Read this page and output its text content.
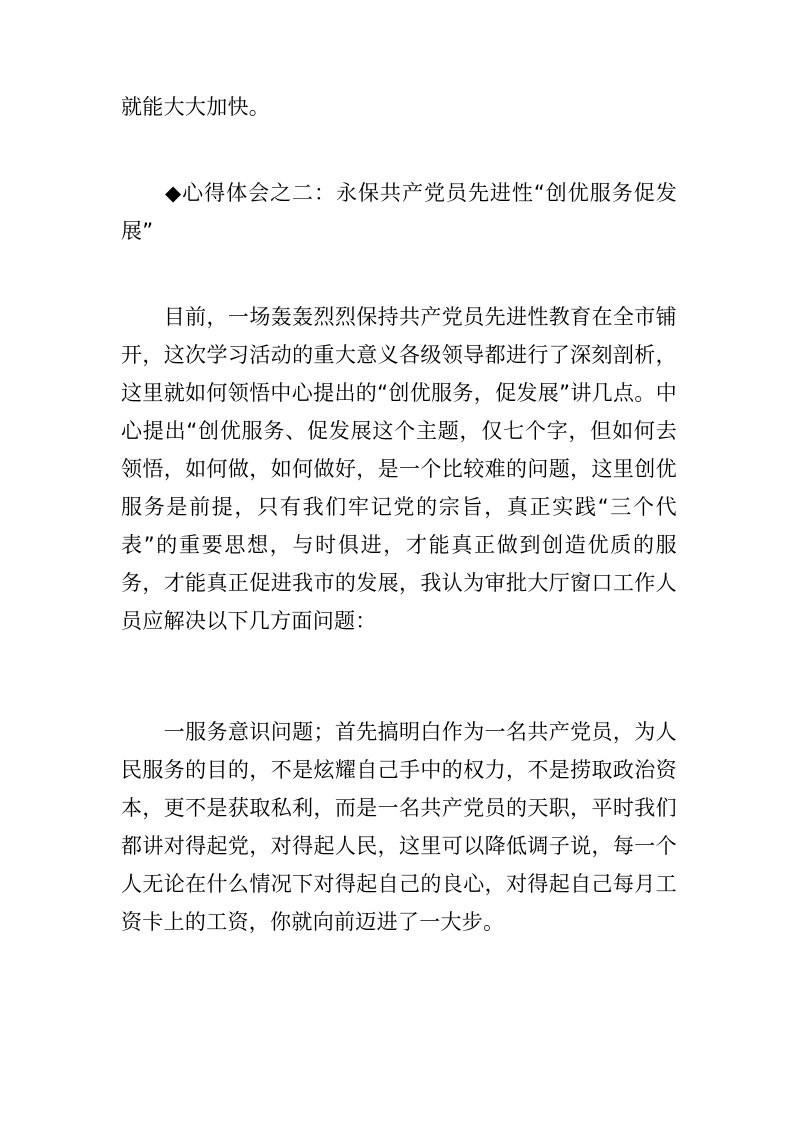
就能大大加快。

　　◆心得体会之二：永保共产党员先进性“创优服务促发展”

　　目前，一场轰轰烈烈保持共产党员先进性教育在全市铺开，这次学习活动的重大意义各级领导都进行了深刻剖析，这里就如何领悟中心提出的“创优服务，促发展”讲几点。中心提出“创优服务、促发展这个主题，仅七个字，但如何去领悟，如何做，如何做好，是一个比较难的问题，这里创优服务是前提，只有我们牢记党的宗旨，真正实践“三个代表”的重要思想，与时俱进，才能真正做到创造优质的服务，才能真正促进我市的发展，我认为审批大厅窗口工作人员应解决以下几方面问题：

　　一服务意识问题；首先搞明白作为一名共产党员，为人民服务的目的，不是炫耀自己手中的权力，不是捞取政治资本，更不是获取私利，而是一名共产党员的天职，平时我们都讲对得起党，对得起人民，这里可以降低调子说，每一个人无论在什么情况下对得起自己的良心，对得起自己每月工资卡上的工资，你就向前迈进了一大步。
